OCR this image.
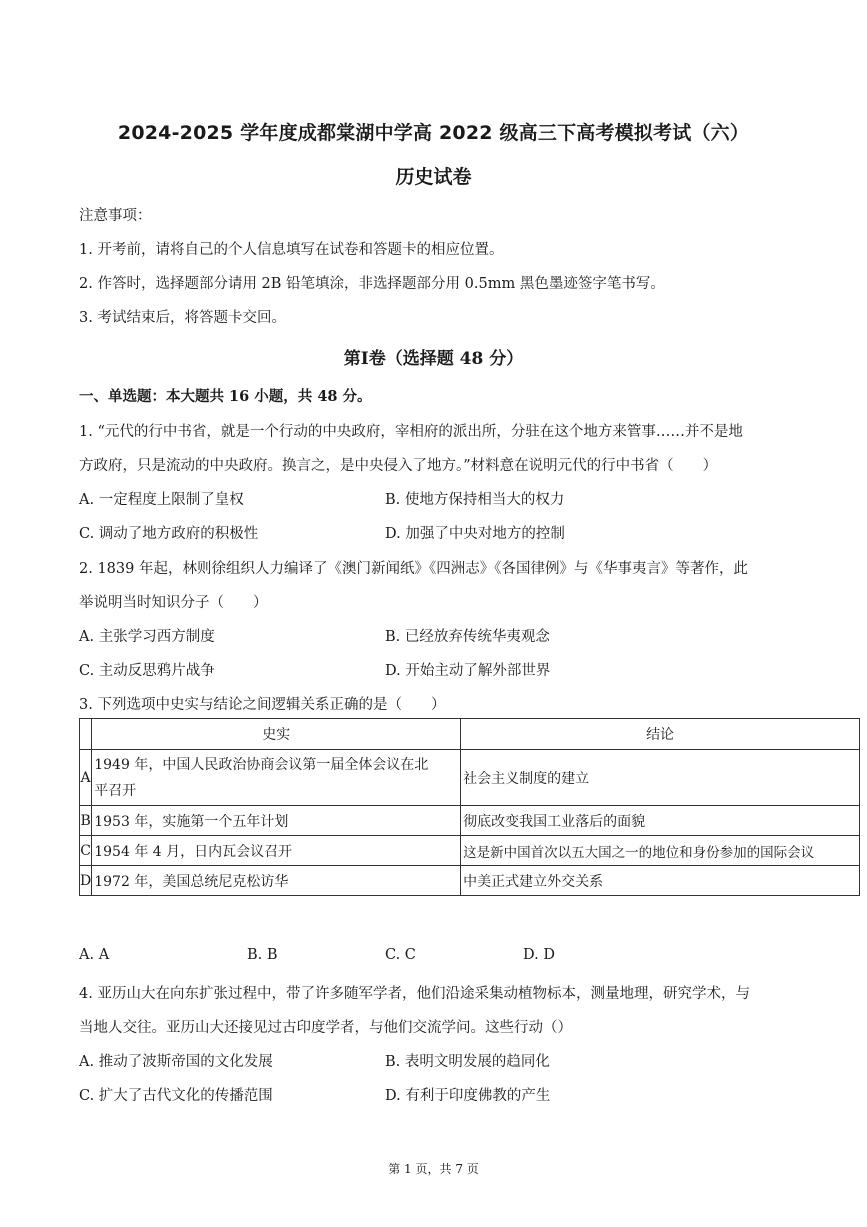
2024-2025 学年度成都棠湖中学高 2022 级高三下高考模拟考试（六）
历史试卷
注意事项：
1. 开考前，请将自己的个人信息填写在试卷和答题卡的相应位置。
2. 作答时，选择题部分请用 2B 铅笔填涂，非选择题部分用 0.5mm 黑色墨迹签字笔书写。
3. 考试结束后，将答题卡交回。
第Ⅰ卷（选择题 48 分）
一、单选题：本大题共 16 小题，共 48 分。
1. “元代的行中书省，就是一个行动的中央政府，宰相府的派出所，分驻在这个地方来管事……并不是地
方政府，只是流动的中央政府。换言之，是中央侵入了地方。”材料意在说明元代的行中书省（　　）
A. 一定程度上限制了皇权	B. 使地方保持相当大的权力
C. 调动了地方政府的积极性	D. 加强了中央对地方的控制
2. 1839 年起，林则徐组织人力编译了《澳门新闻纸》《四洲志》《各国律例》与《华事夷言》等著作，此
举说明当时知识分子（　　）
A. 主张学习西方制度	B. 已经放弃传统华夷观念
C. 主动反思鸦片战争	D. 开始主动了解外部世界
3. 下列选项中史实与结论之间逻辑关系正确的是（　　）
	史实	结论
A	1949 年，中国人民政治协商会议第一届全体会议在北
平召开	社会主义制度的建立
B	1953 年，实施第一个五年计划	彻底改变我国工业落后的面貌
C	1954 年 4 月，日内瓦会议召开	这是新中国首次以五大国之一的地位和身份参加的国际会议
D	1972 年，美国总统尼克松访华	中美正式建立外交关系
A. A	B. B	C. C	D. D
4. 亚历山大在向东扩张过程中，带了许多随军学者，他们沿途采集动植物标本，测量地理，研究学术，与
当地人交往。亚历山大还接见过古印度学者，与他们交流学问。这些行动（）
A. 推动了波斯帝国的文化发展	B. 表明文明发展的趋同化
C. 扩大了古代文化的传播范围	D. 有利于印度佛教的产生
第 1 页，共 7 页
